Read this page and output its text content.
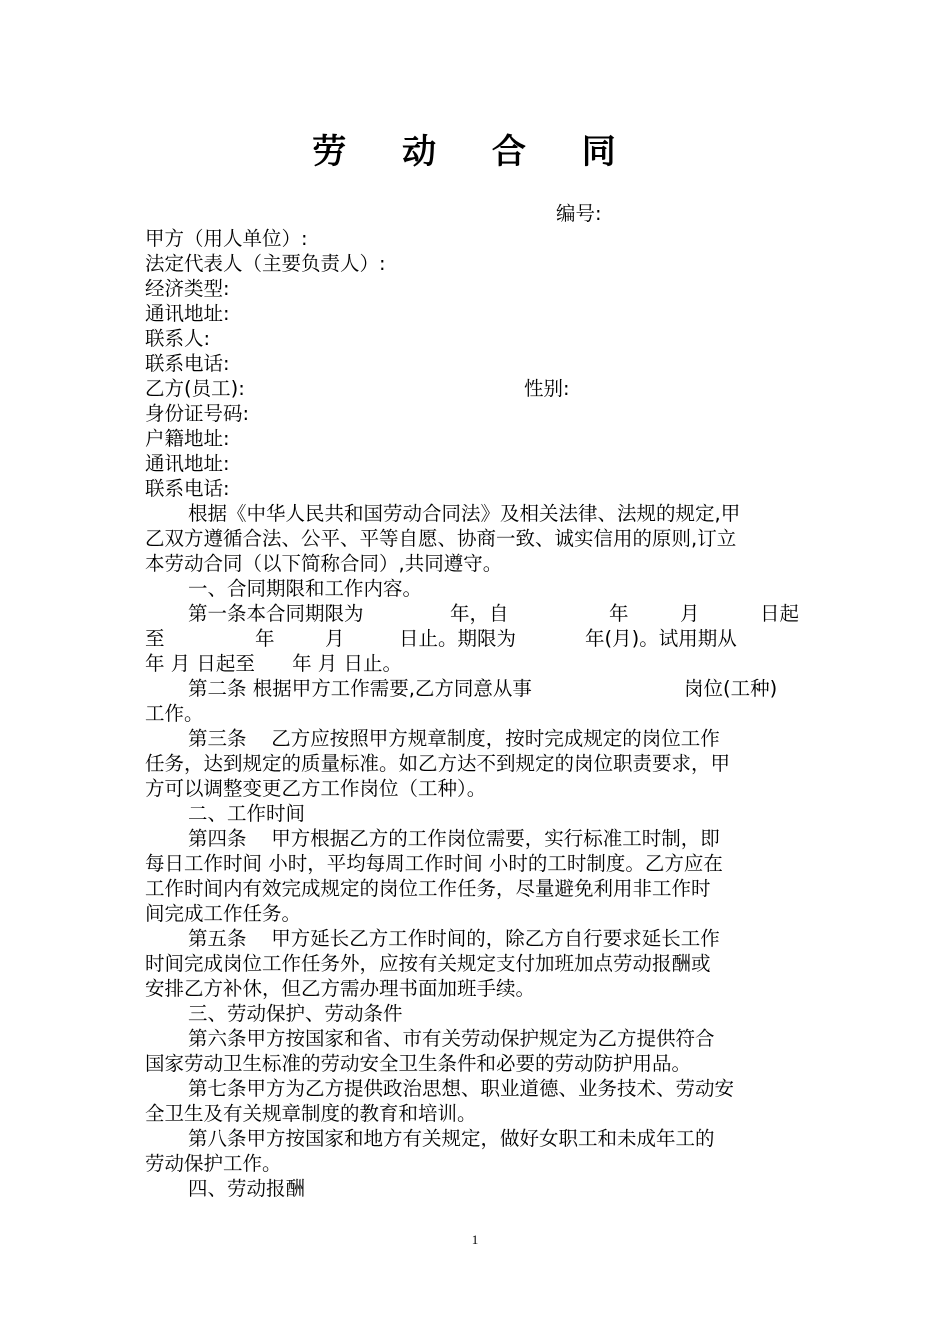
劳 动 合 同
编号:
甲方（用人单位）:
法定代表人（主要负责人）:
经济类型:
通讯地址:
联系人:
联系电话:
乙方(员工):	性别:
身份证号码:
户籍地址:
通讯地址:
联系电话:
根据《中华人民共和国劳动合同法》及相关法律、法规的规定,甲
乙双方遵循合法、公平、平等自愿、协商一致、诚实信用的原则,订立
本劳动合同（以下简称合同）,共同遵守。
一、合同期限和工作内容。
第一条本合同期限为	年，自	年	月	日起
至	年	月	日止。期限为	年(月)。试用期从
年 月 日起至      年 月 日止。
第二条 根据甲方工作需要,乙方同意从事	岗位(工种)
工作。
第三条    乙方应按照甲方规章制度，按时完成规定的岗位工作
任务，达到规定的质量标准。如乙方达不到规定的岗位职责要求，甲
方可以调整变更乙方工作岗位（工种）。
二、工作时间
第四条    甲方根据乙方的工作岗位需要，实行标准工时制，即
每日工作时间 小时，平均每周工作时间 小时的工时制度。乙方应在
工作时间内有效完成规定的岗位工作任务，尽量避免利用非工作时
间完成工作任务。
第五条    甲方延长乙方工作时间的，除乙方自行要求延长工作
时间完成岗位工作任务外，应按有关规定支付加班加点劳动报酬或
安排乙方补休，但乙方需办理书面加班手续。
三、劳动保护、劳动条件
第六条甲方按国家和省、市有关劳动保护规定为乙方提供符合
国家劳动卫生标准的劳动安全卫生条件和必要的劳动防护用品。
第七条甲方为乙方提供政治思想、职业道德、业务技术、劳动安
全卫生及有关规章制度的教育和培训。
第八条甲方按国家和地方有关规定，做好女职工和未成年工的
劳动保护工作。
四、劳动报酬
1
